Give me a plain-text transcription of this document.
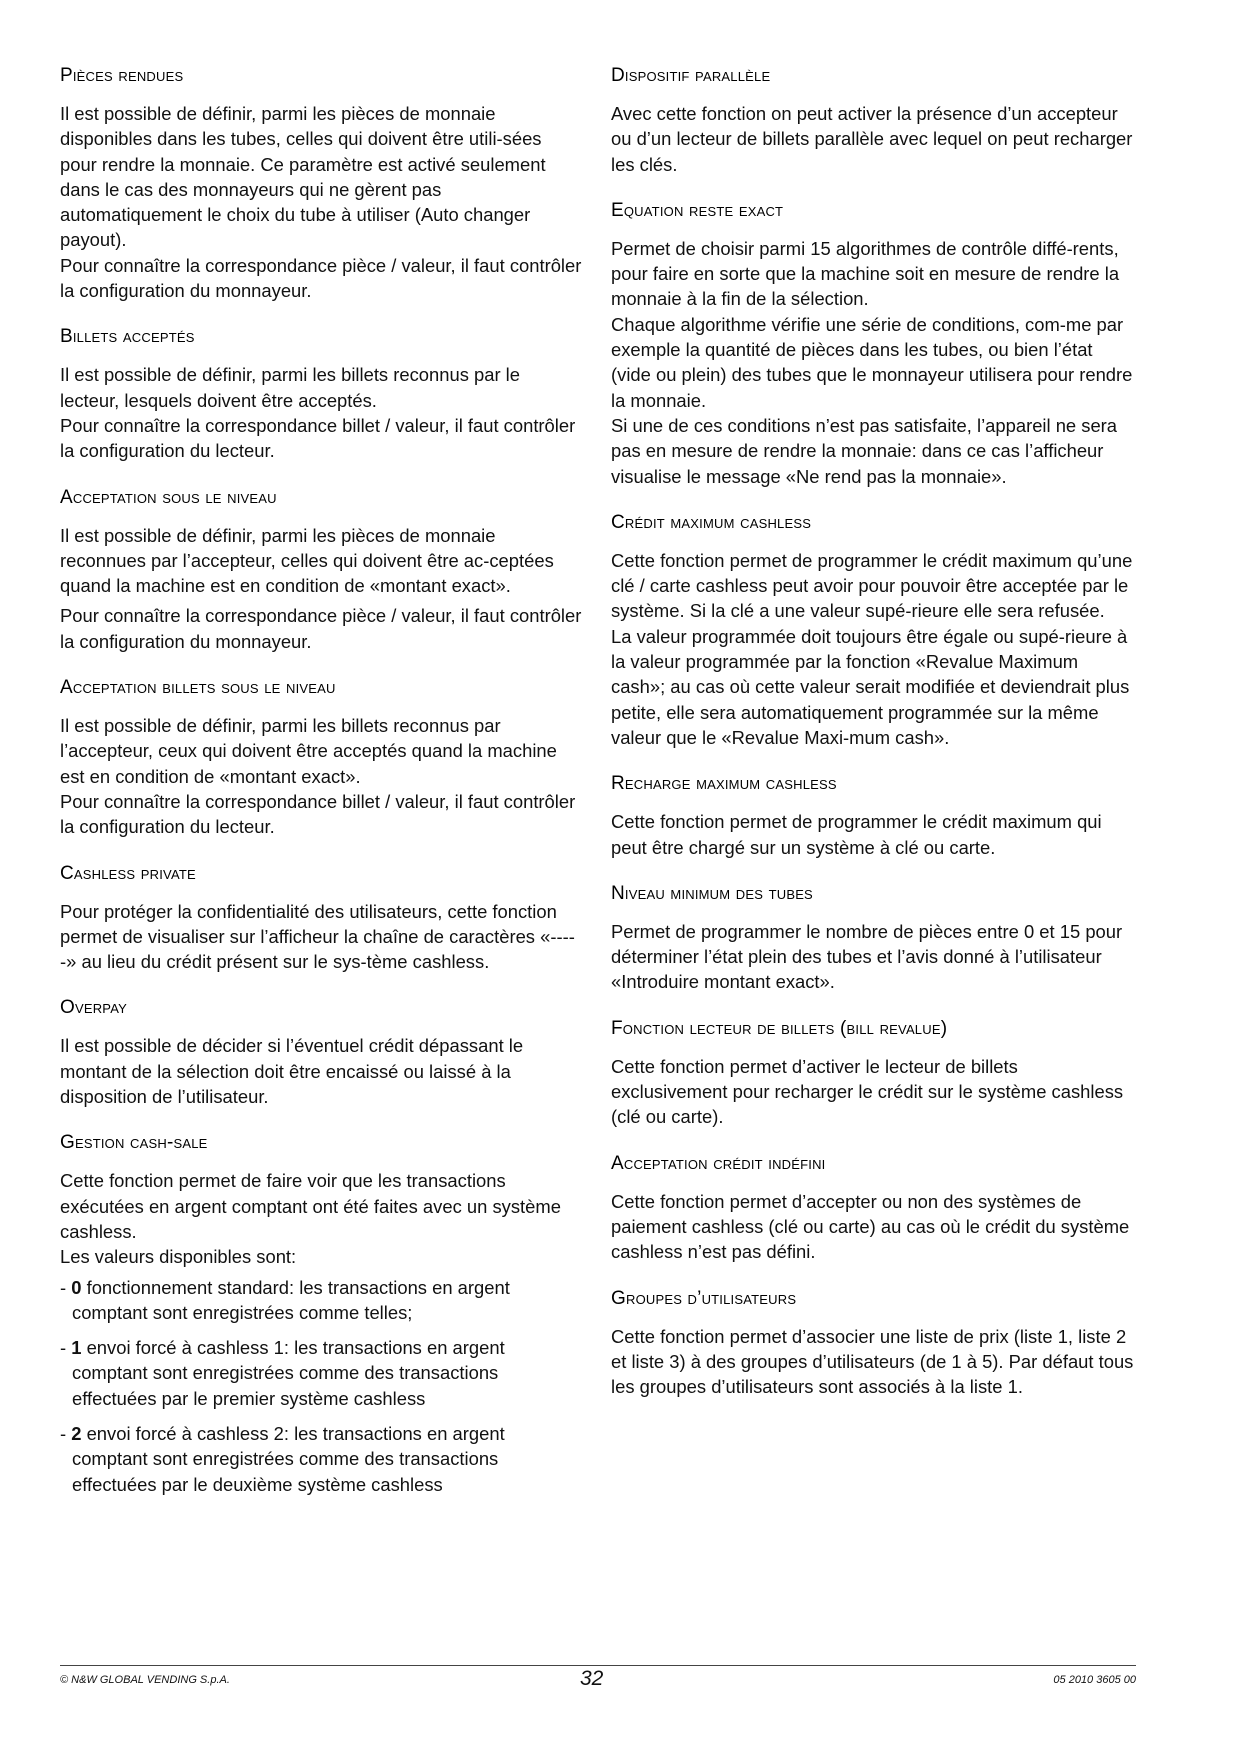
Pièces rendues

Il est possible de définir, parmi les pièces de monnaie disponibles dans les tubes, celles qui doivent être utili-sées pour rendre la monnaie. Ce paramètre est activé seulement dans le cas des monnayeurs qui ne gèrent pas automatiquement le choix du tube à utiliser (Auto changer payout).

Pour connaître la correspondance pièce / valeur, il faut contrôler la configuration du monnayeur.

Billets acceptés

Il est possible de définir, parmi les billets reconnus par le lecteur, lesquels doivent être acceptés.

Pour connaître la correspondance billet / valeur, il faut contrôler la configuration du lecteur.

Acceptation sous le niveau

Il est possible de définir, parmi les pièces de monnaie reconnues par l’accepteur, celles qui doivent être ac-ceptées quand la machine est en condition de «montant exact».

Pour connaître la correspondance pièce / valeur, il faut contrôler la configuration du monnayeur.

Acceptation billets sous le niveau

Il est possible de définir, parmi les billets reconnus par l’accepteur, ceux qui doivent être acceptés quand la machine est en condition de «montant exact».

Pour connaître la correspondance billet / valeur, il faut contrôler la configuration du lecteur.

Cashless private

Pour protéger la confidentialité des utilisateurs, cette fonction permet de visualiser sur l’afficheur la chaîne de caractères «-----» au lieu du crédit présent sur le sys-tème cashless.

Overpay

Il est possible de décider si l’éventuel crédit dépassant le montant de la sélection doit être encaissé ou laissé à la disposition de l’utilisateur.

Gestion cash-sale

Cette fonction permet de faire voir que les transactions exécutées en argent comptant ont été faites avec un système cashless.

Les valeurs disponibles sont:

- 0 fonctionnement standard: les transactions en argent comptant sont enregistrées comme telles;
- 1 envoi forcé à cashless 1: les transactions en argent comptant sont enregistrées comme des transactions effectuées par le premier système cashless
- 2 envoi forcé à cashless 2: les transactions en argent comptant sont enregistrées comme des transactions effectuées par le deuxième système cashless
Dispositif parallèle

Avec cette fonction on peut activer la présence d’un accepteur ou d’un lecteur de billets parallèle avec lequel on peut recharger les clés.

Equation reste exact

Permet de choisir parmi 15 algorithmes de contrôle diffé-rents, pour faire en sorte que la machine soit en mesure de rendre la monnaie à la fin de la sélection.

Chaque algorithme vérifie une série de conditions, com-me par exemple la quantité de pièces dans les tubes, ou bien l’état (vide ou plein) des tubes que le monnayeur utilisera pour rendre la monnaie.

Si une de ces conditions n’est pas satisfaite, l’appareil ne sera pas en mesure de rendre la monnaie: dans ce cas l’afficheur visualise le message «Ne rend pas la monnaie».

Crédit maximum cashless

Cette fonction permet de programmer le crédit maximum qu’une clé / carte cashless peut avoir pour pouvoir être acceptée par le système. Si la clé a une valeur supé-rieure elle sera refusée.

La valeur programmée doit toujours être égale ou supé-rieure à la valeur programmée par la fonction «Revalue Maximum cash»; au cas où cette valeur serait modifiée et deviendrait plus petite, elle sera automatiquement programmée sur la même valeur que le «Revalue Maxi-mum cash».

Recharge maximum cashless

Cette fonction permet de programmer le crédit maximum qui peut être chargé sur un système à clé ou carte.

Niveau minimum des tubes

Permet de programmer le nombre de pièces entre 0 et 15 pour déterminer l’état plein des tubes et l’avis donné à l’utilisateur «Introduire montant exact».

Fonction lecteur de billets (bill revalue)

Cette fonction permet d’activer le lecteur de billets exclusivement pour recharger le crédit sur le système cashless (clé ou carte).

Acceptation crédit indéfini

Cette fonction permet d’accepter ou non des systèmes de paiement cashless (clé ou carte) au cas où le crédit du système cashless n’est pas défini.

Groupes d’utilisateurs

Cette fonction permet d’associer une liste de prix (liste 1, liste 2 et liste 3) à des groupes d’utilisateurs (de 1 à 5). Par défaut tous les groupes d’utilisateurs sont associés à la liste 1.

© N&W GLOBAL VENDING S.p.A.	32	05 2010 3605 00
